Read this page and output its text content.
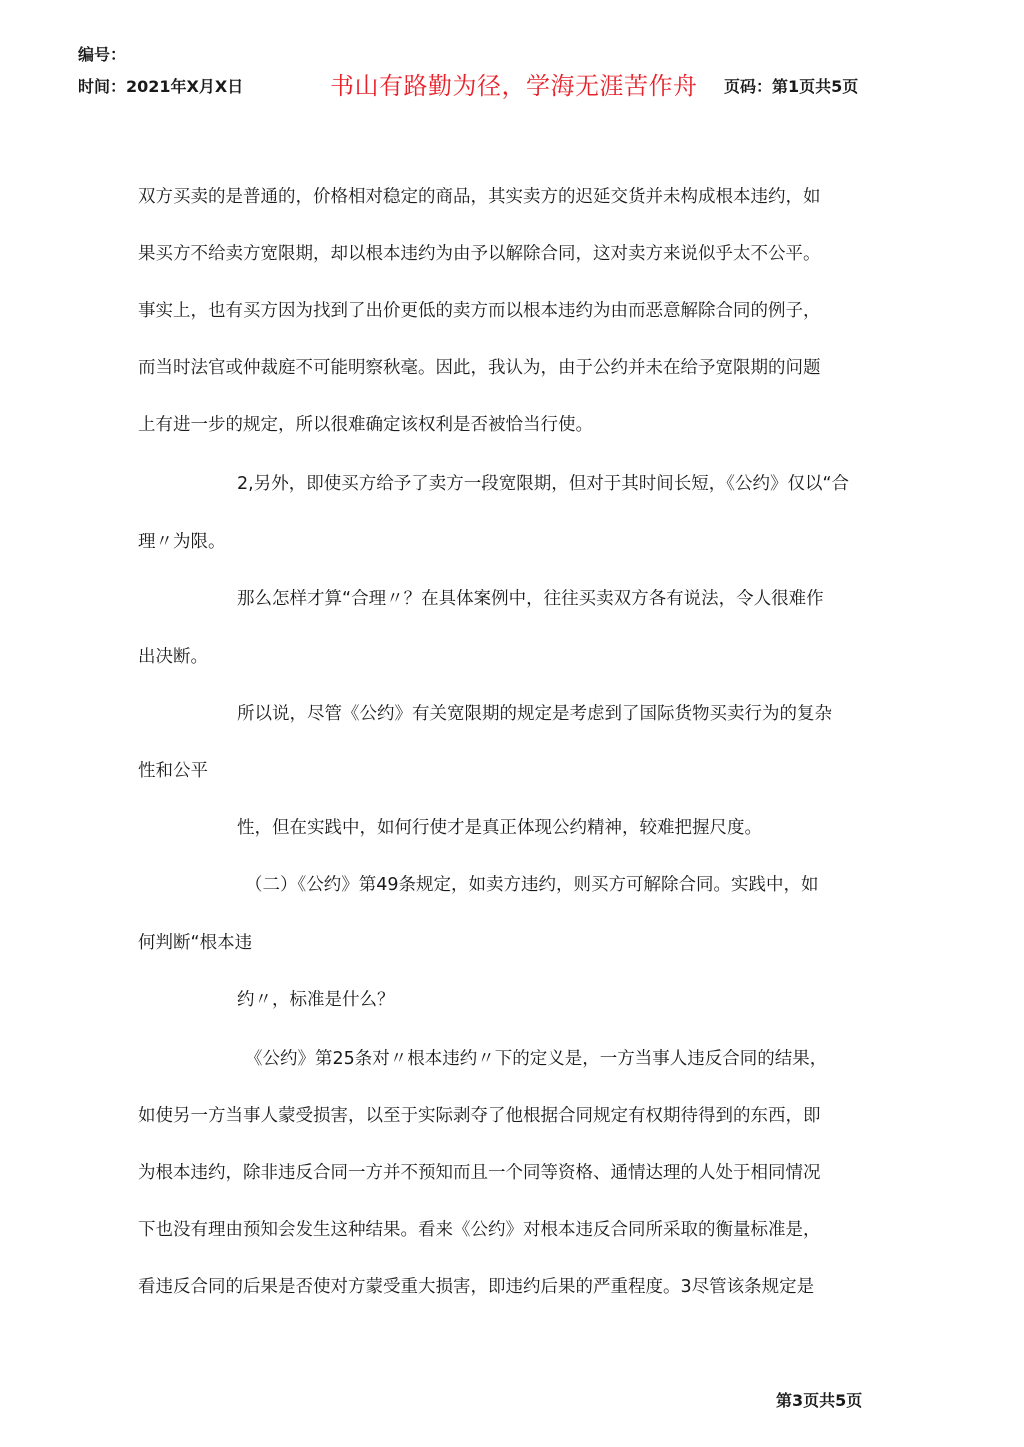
编号：
时间：2021年X月X日	书山有路勤为径，学海无涯苦作舟 页码：第1页共5页
双方买卖的是普通的，价格相对稳定的商品，其实卖方的迟延交货并未构成根本违约，如
果买方不给卖方宽限期，却以根本违约为由予以解除合同，这对卖方来说似乎太不公平。
事实上，也有买方因为找到了出价更低的卖方而以根本违约为由而恶意解除合同的例子，
而当时法官或仲裁庭不可能明察秋毫。因此，我认为，由于公约并未在给予宽限期的问题
上有进一步的规定，所以很难确定该权利是否被恰当行使。
2,另外，即使买方给予了卖方一段宽限期，但对于其时间长短，《公约》仅以“合
理〃为限。
那么怎样才算“合理〃？在具体案例中，往往买卖双方各有说法，令人很难作
出决断。
所以说，尽管《公约》有关宽限期的规定是考虑到了国际货物买卖行为的复杂
性和公平
性，但在实践中，如何行使才是真正体现公约精神，较难把握尺度。
（二）《公约》第49条规定，如卖方违约，则买方可解除合同。实践中，如
何判断“根本违
约〃，标准是什么？
《公约》第25条对〃根本违约〃下的定义是，一方当事人违反合同的结果，
如使另一方当事人蒙受损害，以至于实际剥夺了他根据合同规定有权期待得到的东西，即
为根本违约，除非违反合同一方并不预知而且一个同等资格、通情达理的人处于相同情况
下也没有理由预知会发生这种结果。看来《公约》对根本违反合同所采取的衡量标准是，
看违反合同的后果是否使对方蒙受重大损害，即违约后果的严重程度。3尽管该条规定是
第3页共5页
